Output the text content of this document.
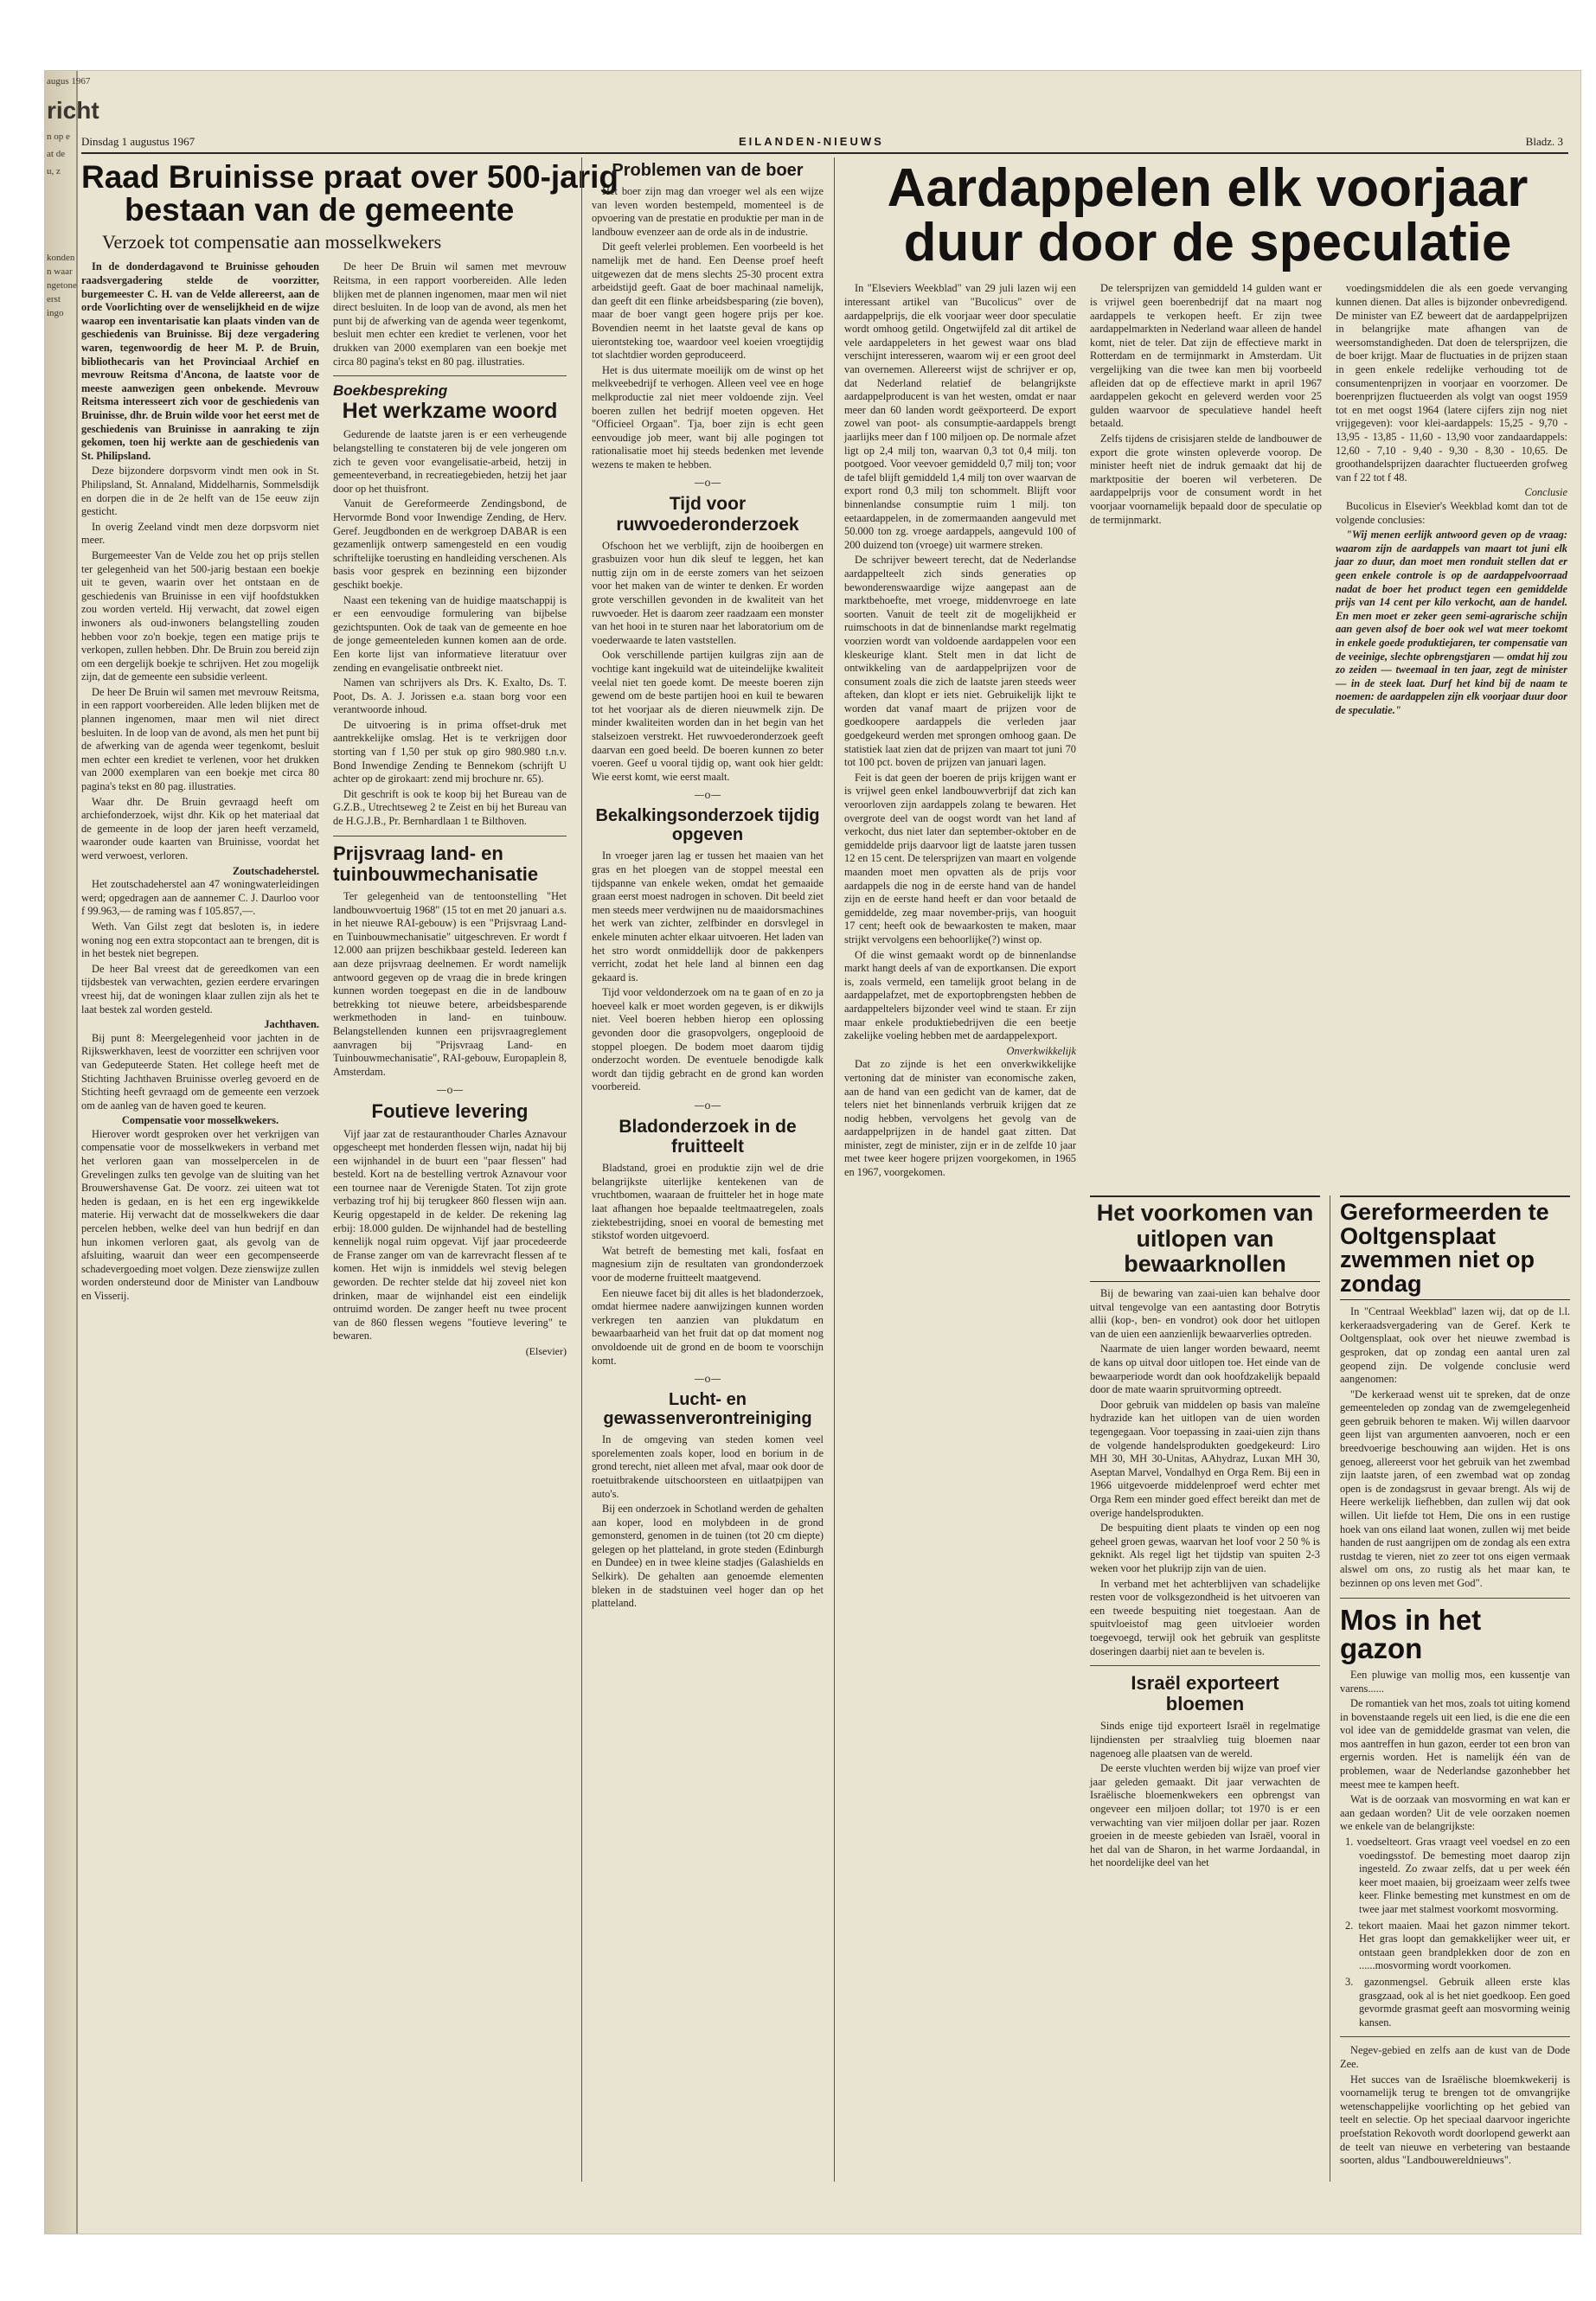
augus 1967
richt
n op e
at de
u, z
konden
n waar
ngetone
erst
ingo
Dinsdag 1 augustus 1967	EILANDEN-NIEUWS	Bladz. 3
Raad Bruinisse praat over 500-jarig
bestaan van de gemeente
Verzoek tot compensatie aan mosselkwekers

In de donderdagavond te Bruinisse gehouden raadsvergadering stelde de voorzitter, burgemeester C. H. van de Velde allereerst, aan de orde Voorlichting over de wenselijkheid en de wijze waarop een inventarisatie kan plaats vinden van de geschiedenis van Bruinisse. Bij deze vergadering waren, tegenwoordig de heer M. P. de Bruin, bibliothecaris van het Provinciaal Archief en mevrouw Reitsma d'Ancona, de laatste voor de meeste aanwezigen geen onbekende. Mevrouw Reitsma interesseert zich voor de geschiedenis van Bruinisse, dhr. de Bruin wilde voor het eerst met de geschiedenis van Bruinisse in aanraking te zijn gekomen, toen hij werkte aan de geschiedenis van St. Philipsland.

Deze bijzondere dorpsvorm vindt men ook in St. Philipsland, St. Annaland, Middelharnis, Sommelsdijk en dorpen die in de 2e helft van de 15e eeuw zijn gesticht.

In overig Zeeland vindt men deze dorpsvorm niet meer.

Burgemeester Van de Velde zou het op prijs stellen ter gelegenheid van het 500-jarig bestaan een boekje uit te geven, waarin over het ontstaan en de geschiedenis van Bruinisse in een vijf hoofdstukken zou worden verteld. Hij verwacht, dat zowel eigen inwoners als oud-inwoners belangstelling zouden hebben voor zo'n boekje, tegen een matige prijs te verkopen, zullen hebben. Dhr. De Bruin zou bereid zijn om een dergelijk boekje te schrijven. Het zou mogelijk zijn, dat de gemeente een subsidie verleent.

De heer De Bruin wil samen met mevrouw Reitsma, in een rapport voorbereiden. Alle leden blijken met de plannen ingenomen, maar men wil niet direct besluiten. In de loop van de avond, als men het punt bij de afwerking van de agenda weer tegenkomt, besluit men echter een krediet te verlenen, voor het drukken van 2000 exemplaren van een boekje met circa 80 pagina's tekst en 80 pag. illustraties.

Waar dhr. De Bruin gevraagd heeft om archiefonderzoek, wijst dhr. Kik op het materiaal dat de gemeente in de loop der jaren heeft verzameld, waaronder oude kaarten van Bruinisse, voordat het werd verwoest, verloren.

Zoutschadeherstel.

Het zoutschadeherstel aan 47 woningwaterleidingen werd; opgedragen aan de aannemer C. J. Daurloo voor f 99.963,— de raming was f 105.857,—.

Weth. Van Gilst zegt dat besloten is, in iedere woning nog een extra stopcontact aan te brengen, dit is in het bestek niet begrepen.

De heer Bal vreest dat de gereedkomen van een tijdsbestek van verwachten, gezien eerdere ervaringen vreest hij, dat de woningen klaar zullen zijn als het te laat bestek zal worden gesteld.

Jachthaven.

Bij punt 8: Meergelegenheid voor jachten in de Rijkswerkhaven, leest de voorzitter een schrijven voor van Gedeputeerde Staten. Het college heeft met de Stichting Jachthaven Bruinisse overleg gevoerd en de Stichting heeft gevraagd om de gemeente een verzoek om de aanleg van de haven goed te keuren.

Compensatie voor mosselkwekers.

Hierover wordt gesproken over het verkrijgen van compensatie voor de mosselkwekers in verband met het verloren gaan van mosselpercelen in de Grevelingen zulks ten gevolge van de sluiting van het Brouwershavense Gat. De voorz. zei uiteen wat tot heden is gedaan, en is het een erg ingewikkelde materie. Hij verwacht dat de mosselkwekers die daar percelen hebben, welke deel van hun bedrijf en dan hun inkomen verloren gaat, als gevolg van de afsluiting, waaruit dan weer een gecompenseerde schadevergoeding moet volgen. Deze zienswijze zullen worden ondersteund door de Minister van Landbouw en Visserij.

De heer De Bruin wil samen met mevrouw Reitsma, in een rapport voorbereiden. Alle leden blijken met de plannen ingenomen, maar men wil niet direct besluiten. In de loop van de avond, als men het punt bij de afwerking van de agenda weer tegenkomt, besluit men echter een krediet te verlenen, voor het drukken van 2000 exemplaren van een boekje met circa 80 pagina's tekst en 80 pag. illustraties.

Boekbespreking
Het werkzame woord

Gedurende de laatste jaren is er een verheugende belangstelling te constateren bij de vele jongeren om zich te geven voor evangelisatie-arbeid, hetzij in gemeenteverband, in recreatiegebieden, hetzij het jaar door op het thuisfront.

Vanuit de Gereformeerde Zendingsbond, de Hervormde Bond voor Inwendige Zending, de Herv. Geref. Jeugdbonden en de werkgroep DABAR is een gezamenlijk ontwerp samengesteld en een voudig schriftelijke toerusting en handleiding verschenen. Als basis voor gesprek en bezinning een bijzonder geschikt boekje.

Naast een tekening van de huidige maatschappij is er een eenvoudige formulering van bijbelse gezichtspunten. Ook de taak van de gemeente en hoe de jonge gemeenteleden kunnen komen aan de orde. Een korte lijst van informatieve literatuur over zending en evangelisatie ontbreekt niet.

Namen van schrijvers als Drs. K. Exalto, Ds. T. Poot, Ds. A. J. Jorissen e.a. staan borg voor een verantwoorde inhoud.

De uitvoering is in prima offset-druk met aantrekkelijke omslag. Het is te verkrijgen door storting van f 1,50 per stuk op giro 980.980 t.n.v. Bond Inwendige Zending te Bennekom (schrijft U achter op de girokaart: zend mij brochure nr. 65).

Dit geschrift is ook te koop bij het Bureau van de G.Z.B., Utrechtseweg 2 te Zeist en bij het Bureau van de H.G.J.B., Pr. Bernhardlaan 1 te Bilthoven.

Prijsvraag land- en tuinbouwmechanisatie

Ter gelegenheid van de tentoonstelling "Het landbouwvoertuig 1968" (15 tot en met 20 januari a.s. in het nieuwe RAI-gebouw) is een "Prijsvraag Land- en Tuinbouwmechanisatie" uitgeschreven. Er wordt f 12.000 aan prijzen beschikbaar gesteld. Iedereen kan aan deze prijsvraag deelnemen. Er wordt namelijk antwoord gegeven op de vraag die in brede kringen kunnen worden toegepast en die in de landbouw betrekking tot nieuwe betere, arbeidsbesparende werkmethoden in land- en tuinbouw. Belangstellenden kunnen een prijsvraagreglement aanvragen bij "Prijsvraag Land- en Tuinbouwmechanisatie", RAI-gebouw, Europaplein 8, Amsterdam.

—o—
Foutieve levering

Vijf jaar zat de restauranthouder Charles Aznavour opgescheept met honderden flessen wijn, nadat hij bij een wijnhandel in de buurt een "paar flessen" had besteld. Kort na de bestelling vertrok Aznavour voor een tournee naar de Verenigde Staten. Tot zijn grote verbazing trof hij bij terugkeer 860 flessen wijn aan. Keurig opgestapeld in de kelder. De rekening lag erbij: 18.000 gulden. De wijnhandel had de bestelling kennelijk nogal ruim opgevat. Vijf jaar procedeerde de Franse zanger om van de karrevracht flessen af te komen. Het wijn is inmiddels wel stevig belegen geworden. De rechter stelde dat hij zoveel niet kon drinken, maar de wijnhandel eist een eindelijk ontruimd worden. De zanger heeft nu twee procent van de 860 flessen wegens "foutieve levering" te bewaren.

(Elsevier)
Problemen van de boer

Het boer zijn mag dan vroeger wel als een wijze van leven worden bestempeld, momenteel is de opvoering van de prestatie en produktie per man in de landbouw evenzeer aan de orde als in de industrie.

Dit geeft velerlei problemen. Een voorbeeld is het namelijk met de hand. Een Deense proef heeft uitgewezen dat de mens slechts 25-30 procent extra arbeidstijd geeft. Gaat de boer machinaal namelijk, dan geeft dit een flinke arbeidsbesparing (zie boven), maar de boer vangt geen hogere prijs per koe. Bovendien neemt in het laatste geval de kans op uierontsteking toe, waardoor veel koeien vroegtijdig tot slachtdier worden geproduceerd.

Het is dus uitermate moeilijk om de winst op het melkveebedrijf te verhogen. Alleen veel vee en hoge melkproductie zal niet meer voldoende zijn. Veel boeren zullen het bedrijf moeten opgeven. Het "Officieel Orgaan". Tja, boer zijn is echt geen eenvoudige job meer, want bij alle pogingen tot rationalisatie moet hij steeds bedenken met levende wezens te maken te hebben.

—o—
Tijd voor ruwvoederonderzoek

Ofschoon het we verblijft, zijn de hooibergen en grasbuizen voor hun dik sleuf te leggen, het kan nuttig zijn om in de eerste zomers van het seizoen voor het maken van de winter te denken. Er worden grote verschillen gevonden in de kwaliteit van het ruwvoeder. Het is daarom zeer raadzaam een monster van het hooi in te sturen naar het laboratorium om de voederwaarde te laten vaststellen.

Ook verschillende partijen kuilgras zijn aan de vochtige kant ingekuild wat de uiteindelijke kwaliteit veelal niet ten goede komt. De meeste boeren zijn gewend om de beste partijen hooi en kuil te bewaren tot het voorjaar als de dieren nieuwmelk zijn. De minder kwaliteiten worden dan in het begin van het stalseizoen verstrekt. Het ruwvoederonderzoek geeft daarvan een goed beeld. De boeren kunnen zo beter voeren. Geef u vooral tijdig op, want ook hier geldt: Wie eerst komt, wie eerst maalt.

—o—
Bekalkingsonderzoek tijdig opgeven

In vroeger jaren lag er tussen het maaien van het gras en het ploegen van de stoppel meestal een tijdspanne van enkele weken, omdat het gemaaide graan eerst moest nadrogen in schoven. Dit beeld ziet men steeds meer verdwijnen nu de maaidorsmachines het werk van zichter, zelfbinder en dorsvlegel in enkele minuten achter elkaar uitvoeren. Het laden van het stro wordt onmiddellijk door de pakkenpers verricht, zodat het hele land al binnen een dag gekaard is.

Tijd voor veldonderzoek om na te gaan of en zo ja hoeveel kalk er moet worden gegeven, is er dikwijls niet. Veel boeren hebben hierop een oplossing gevonden door die grasopvolgers, ongeplooid de stoppel ploegen. De bodem moet daarom tijdig onderzocht worden. De eventuele benodigde kalk wordt dan tijdig gebracht en de grond kan worden voorbereid.

—o—
Bladonderzoek in de fruitteelt

Bladstand, groei en produktie zijn wel de drie belangrijkste uiterlijke kentekenen van de vruchtbomen, waaraan de fruitteler het in hoge mate laat afhangen hoe bepaalde teeltmaatregelen, zoals ziektebestrijding, snoei en vooral de bemesting met stikstof worden uitgevoerd.

Wat betreft de bemesting met kali, fosfaat en magnesium zijn de resultaten van grondonderzoek voor de moderne fruitteelt maatgevend.

Een nieuwe facet bij dit alles is het bladonderzoek, omdat hiermee nadere aanwijzingen kunnen worden verkregen ten aanzien van plukdatum en bewaarbaarheid van het fruit dat op dat moment nog onvoldoende uit de grond en de boom te voorschijn komt.

—o—
Lucht- en gewassenverontreiniging

In de omgeving van steden komen veel sporelementen zoals koper, lood en borium in de grond terecht, niet alleen met afval, maar ook door de roetuitbrakende uitschoorsteen en uitlaatpijpen van auto's.

Bij een onderzoek in Schotland werden de gehalten aan koper, lood en molybdeen in de grond gemonsterd, genomen in de tuinen (tot 20 cm diepte) gelegen op het platteland, in grote steden (Edinburgh en Dundee) en in twee kleine stadjes (Galashields en Selkirk). De gehalten aan genoemde elementen bleken in de stadstuinen veel hoger dan op het platteland.

Aardappelen elk voorjaar
duur door de speculatie

In "Elseviers Weekblad" van 29 juli lazen wij een interessant artikel van "Bucolicus" over de aardappelprijs, die elk voorjaar weer door speculatie wordt omhoog getild. Ongetwijfeld zal dit artikel de vele aardappeleters in het gewest waar ons blad verschijnt interesseren, waarom wij er een groot deel van overnemen. Allereerst wijst de schrijver er op, dat Nederland relatief de belangrijkste aardappelproducent is van het westen, omdat er naar meer dan 60 landen wordt geëxporteerd. De export zowel van poot- als consumptie-aardappels brengt jaarlijks meer dan f 100 miljoen op. De normale afzet ligt op 2,4 milj ton, waarvan 0,3 tot 0,4 milj. ton pootgoed. Voor veevoer gemiddeld 0,7 milj ton; voor de tafel blijft gemiddeld 1,4 milj ton over waarvan de export rond 0,3 milj ton schommelt. Blijft voor binnenlandse consumptie ruim 1 milj. ton eetaardappelen, in de zomermaanden aangevuld met 50.000 ton zg. vroege aardappels, aangevuld 100 of 200 duizend ton (vroege) uit warmere streken.

De schrijver beweert terecht, dat de Nederlandse aardappelteelt zich sinds generaties op bewonderenswaardige wijze aangepast aan de marktbehoefte, met vroege, middenvroege en late soorten. Vanuit de teelt zit de mogelijkheid er ruimschoots in dat de binnenlandse markt regelmatig voorzien wordt van voldoende aardappelen voor een kleskeurige klant. Stelt men in dat licht de ontwikkeling van de aardappelprijzen voor de consument zoals die zich de laatste jaren steeds weer afteken, dan klopt er iets niet. Gebruikelijk lijkt te worden dat vanaf maart de prijzen voor de goedkoopere aardappels die verleden jaar goedgekeurd werden met sprongen omhoog gaan. De statistiek laat zien dat de prijzen van maart tot juni 70 tot 100 pct. boven de prijzen van januari lagen.

Feit is dat geen der boeren de prijs krijgen want er is vrijwel geen enkel landbouwverbrijf dat zich kan veroorloven zijn aardappels zolang te bewaren. Het overgrote deel van de oogst wordt van het land af verkocht, dus niet later dan september-oktober en de gemiddelde prijs daarvoor ligt de laatste jaren tussen 12 en 15 cent. De telersprijzen van maart en volgende maanden moet men opvatten als de prijs voor aardappels die nog in de eerste hand van de handel zijn en de eerste hand heeft er dan voor betaald de gemiddelde, zeg maar november-prijs, van hooguit 17 cent; heeft ook de bewaarkosten te maken, maar strijkt vervolgens een behoorlijke(?) winst op.

Of die winst gemaakt wordt op de binnenlandse markt hangt deels af van de exportkansen. Die export is, zoals vermeld, een tamelijk groot belang in de aardappelafzet, met de exportopbrengsten hebben de aardappeltelers bijzonder veel wind te staan. Er zijn maar enkele produktiebedrijven die een beetje zakelijke voeling hebben met de aardappelexport.

Onverkwikkelijk

Dat zo zijnde is het een onverkwikkelijke vertoning dat de minister van economische zaken, aan de hand van een gedicht van de kamer, dat de telers niet het binnenlands verbruik krijgen dat ze nodig hebben, vervolgens het gevolg van de aardappelprijzen in de handel gaat zitten. Dat minister, zegt de minister, zijn er in de zelfde 10 jaar met twee keer hogere prijzen voorgekomen, in 1965 en 1967, voorgekomen.

De telersprijzen van gemiddeld 14 gulden want er is vrijwel geen boerenbedrijf dat na maart nog aardappels te verkopen heeft. Er zijn twee aardappelmarkten in Nederland waar alleen de handel komt, niet de teler. Dat zijn de effectieve markt in Rotterdam en de termijnmarkt in Amsterdam. Uit vergelijking van die twee kan men bij voorbeeld afleiden dat op de effectieve markt in april 1967 aardappelen gekocht en geleverd werden voor 25 gulden waarvoor de speculatieve handel heeft betaald.

Zelfs tijdens de crisisjaren stelde de landbouwer de export die grote winsten opleverde voorop. De minister heeft niet de indruk gemaakt dat hij de marktpositie der boeren wil verbeteren. De aardappelprijs voor de consument wordt in het voorjaar voornamelijk bepaald door de speculatie op de termijnmarkt.

voedingsmiddelen die als een goede vervanging kunnen dienen. Dat alles is bijzonder onbevredigend. De minister van EZ beweert dat de aardappelprijzen in belangrijke mate afhangen van de weersomstandigheden. Dat doen de telersprijzen, die de boer krijgt. Maar de fluctuaties in de prijzen staan in geen enkele redelijke verhouding tot de consumentenprijzen in voorjaar en voorzomer. De boerenprijzen fluctueerden als volgt van oogst 1959 tot en met oogst 1964 (latere cijfers zijn nog niet vrijgegeven): voor klei-aardappels: 15,25 - 9,70 - 13,95 - 13,85 - 11,60 - 13,90 voor zandaardappels: 12,60 - 7,10 - 9,40 - 9,30 - 8,30 - 10,65. De groothandelsprijzen daarachter fluctueerden grofweg van f 22 tot f 48.

Conclusie

Bucolicus in Elsevier's Weekblad komt dan tot de volgende conclusies:

"Wij menen eerlijk antwoord geven op de vraag: waarom zijn de aardappels van maart tot juni elk jaar zo duur, dan moet men ronduit stellen dat er geen enkele controle is op de aardappelvoorraad nadat de boer het product tegen een gemiddelde prijs van 14 cent per kilo verkocht, aan de handel. En men moet er zeker geen semi-agrarische schijn aan geven alsof de boer ook wel wat meer toekomt in enkele goede produktiejaren, ter compensatie van de veeinige, slechte opbrengstjaren — omdat hij zou zo zeiden — tweemaal in ten jaar, zegt de minister — in de steek laat. Durf het kind bij de naam te noemen: de aardappelen zijn elk voorjaar duur door de speculatie."

Het voorkomen van uitlopen van bewaarknollen

Bij de bewaring van zaai-uien kan behalve door uitval tengevolge van een aantasting door Botrytis allii (kop-, ben- en vondrot) ook door het uitlopen van de uien een aanzienlijk bewaarverlies optreden.

Naarmate de uien langer worden bewaard, neemt de kans op uitval door uitlopen toe. Het einde van de bewaarperiode wordt dan ook hoofdzakelijk bepaald door de mate waarin spruitvorming optreedt.

Door gebruik van middelen op basis van maleïne hydrazide kan het uitlopen van de uien worden tegengegaan. Voor toepassing in zaai-uien zijn thans de volgende handelsprodukten goedgekeurd: Liro MH 30, MH 30-Unitas, AAhydraz, Luxan MH 30, Aseptan Marvel, Vondalhyd en Orga Rem. Bij een in 1966 uitgevoerde middelenproef werd echter met Orga Rem een minder goed effect bereikt dan met de overige handelsprodukten.

De bespuiting dient plaats te vinden op een nog geheel groen gewas, waarvan het loof voor 2 50 % is geknikt. Als regel ligt het tijdstip van spuiten 2-3 weken voor het plukrijp zijn van de uien.

In verband met het achterblijven van schadelijke resten voor de volksgezondheid is het uitvoeren van een tweede bespuiting niet toegestaan. Aan de spuitvloeistof mag geen uitvloeier worden toegevoegd, terwijl ook het gebruik van gesplitste doseringen daarbij niet aan te bevelen is.

Israël exporteert bloemen

Sinds enige tijd exporteert Israël in regelmatige lijndiensten per straalvlieg tuig bloemen naar nagenoeg alle plaatsen van de wereld.

De eerste vluchten werden bij wijze van proef vier jaar geleden gemaakt. Dit jaar verwachten de Israëlische bloemenkwekers een opbrengst van ongeveer een miljoen dollar; tot 1970 is er een verwachting van vier miljoen dollar per jaar. Rozen groeien in de meeste gebieden van Israël, vooral in het dal van de Sharon, in het warme Jordaandal, in het noordelijke deel van het

Gereformeerden te Ooltgensplaat zwemmen niet op zondag

In "Centraal Weekblad" lazen wij, dat op de l.l. kerkeraadsvergadering van de Geref. Kerk te Ooltgensplaat, ook over het nieuwe zwembad is gesproken, dat op zondag een aantal uren zal geopend zijn. De volgende conclusie werd aangenomen:

"De kerkeraad wenst uit te spreken, dat de onze gemeenteleden op zondag van de zwemgelegenheid geen gebruik behoren te maken. Wij willen daarvoor geen lijst van argumenten aanvoeren, noch er een breedvoerige beschouwing aan wijden. Het is ons genoeg, allereerst voor het gebruik van het zwembad zijn laatste jaren, of een zwembad wat op zondag open is de zondagsrust in gevaar brengt. Als wij de Heere werkelijk liefhebben, dan zullen wij dat ook willen. Uit liefde tot Hem, Die ons in een rustige hoek van ons eiland laat wonen, zullen wij met beide handen de rust aangrijpen om de zondag als een extra rustdag te vieren, niet zo zeer tot ons eigen vermaak alswel om ons, zo rustig als het maar kan, te bezinnen op ons leven met God".

Mos in het gazon

Een pluwige van mollig mos, een kussentje van varens......

De romantiek van het mos, zoals tot uiting komend in bovenstaande regels uit een lied, is die ene die een vol idee van de gemiddelde grasmat van velen, die mos aantreffen in hun gazon, eerder tot een bron van ergernis worden. Het is namelijk één van de problemen, waar de Nederlandse gazonhebber het meest mee te kampen heeft.

Wat is de oorzaak van mosvorming en wat kan er aan gedaan worden? Uit de vele oorzaken noemen we enkele van de belangrijkste:

1. voedselteort. Gras vraagt veel voedsel en zo een voedingsstof. De bemesting moet daarop zijn ingesteld. Zo zwaar zelfs, dat u per week één keer moet maaien, bij groeizaam weer zelfs twee keer. Flinke bemesting met kunstmest en om de twee jaar met stalmest voorkomt mosvorming.
2. tekort maaien. Maai het gazon nimmer tekort. Het gras loopt dan gemakkelijker weer uit, er ontstaan geen brandplekken door de zon en ......mosvorming wordt voorkomen.
3. gazonmengsel. Gebruik alleen erste klas grasgzaad, ook al is het niet goedkoop. Een goed gevormde grasmat geeft aan mosvorming weinig kansen.

Negev-gebied en zelfs aan de kust van de Dode Zee.

Het succes van de Israëlische bloemkwekerij is voornamelijk terug te brengen tot de omvangrijke wetenschappelijke voorlichting op het gebied van teelt en selectie. Op het speciaal daarvoor ingerichte proefstation Rekovoth wordt doorlopend gewerkt aan de teelt van nieuwe en verbetering van bestaande soorten, aldus "Landbouwereldnieuws".
